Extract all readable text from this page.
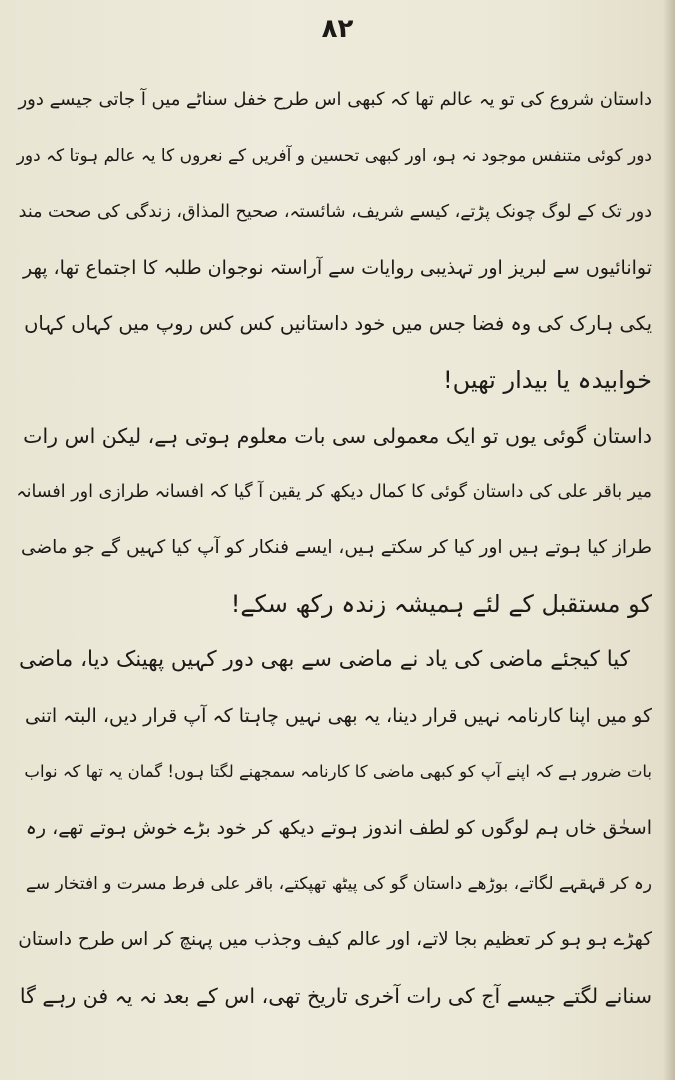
۸۲
داستان شروع کی تو یہ عالم تھا کہ کبھی اس طرح خفل سناٹے میں آ جاتی جیسے دور
دور کوئی متنفس موجود نہ ہو، اور کبھی تحسین و آفریں کے نعروں کا یہ عالم ہوتا کہ دور
دور تک کے لوگ چونک پڑتے، کیسے شریف، شائستہ، صحیح المذاق، زندگی کی صحت مند
توانائیوں سے لبریز اور تہذیبی روایات سے آراستہ نوجوان طلبہ کا اجتماع تھا، پھر
یکی ہارک کی وہ فضا جس میں خود داستانیں کس کس روپ میں کہاں کہاں
خوابیدہ یا بیدار تھیں!
داستان گوئی یوں تو ایک معمولی سی بات معلوم ہوتی ہے، لیکن اس رات
میر باقر علی کی داستان گوئی کا کمال دیکھ کر یقین آ گیا کہ افسانہ طرازی اور افسانہ
طراز کیا ہوتے ہیں اور کیا کر سکتے ہیں، ایسے فنکار کو آپ کیا کہیں گے جو ماضی
کو مستقبل کے لئے ہمیشہ زندہ رکھ سکے!
کیا کیجئے ماضی کی یاد نے ماضی سے بھی دور کہیں پھینک دیا، ماضی
کو میں اپنا کارنامہ نہیں قرار دینا، یہ بھی نہیں چاہتا کہ آپ قرار دیں، البتہ اتنی
بات ضرور ہے کہ اپنے آپ کو کبھی ماضی کا کارنامہ سمجھنے لگتا ہوں! گمان یہ تھا کہ نواب
اسحٰق خاں ہم لوگوں کو لطف اندوز ہوتے دیکھ کر خود بڑے خوش ہوتے تھے، رہ
رہ کر قہقہے لگاتے، بوڑھے داستان گو کی پیٹھ تھپکتے، باقر علی فرط مسرت و افتخار سے
کھڑے ہو ہو کر تعظیم بجا لاتے، اور عالم کیف وجذب میں پہنچ کر اس طرح داستان
سنانے لگتے جیسے آج کی رات آخری تاریخ تھی، اس کے بعد نہ یہ فن رہے گا
